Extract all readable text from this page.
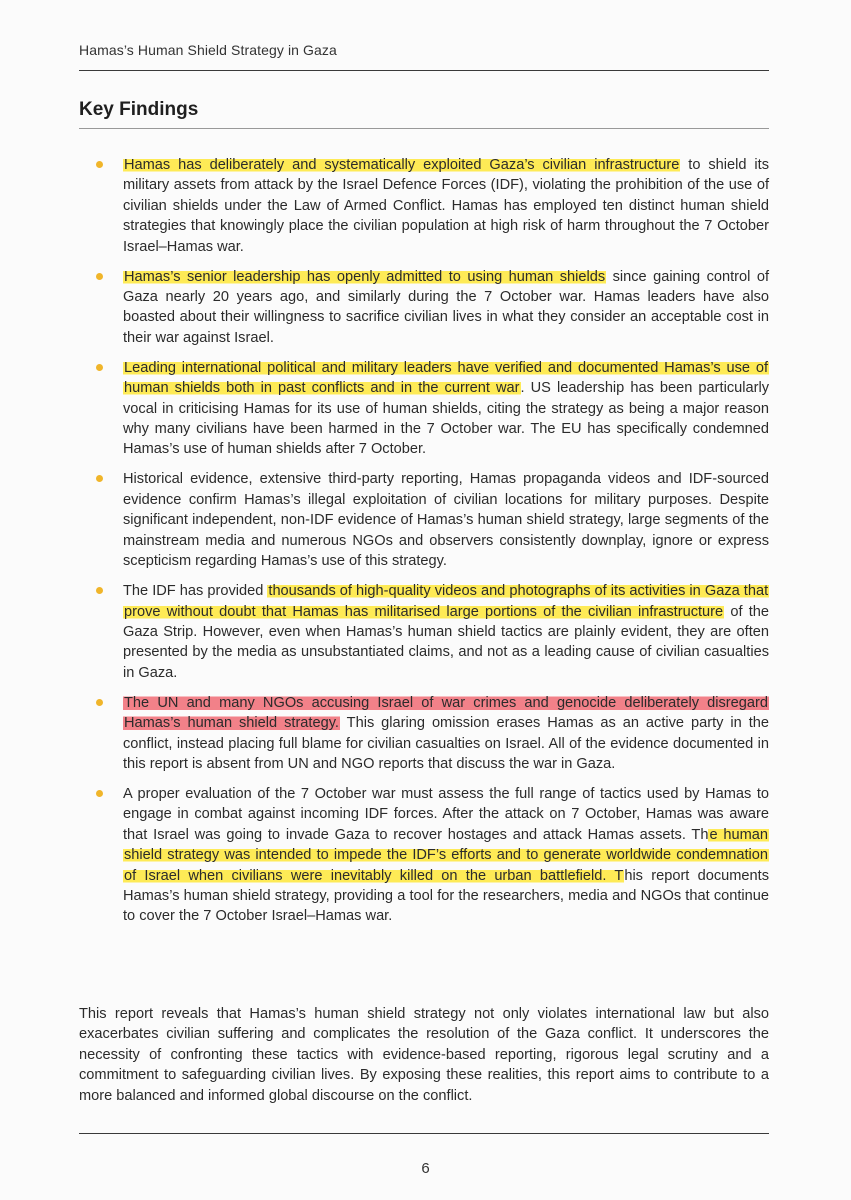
Hamas’s Human Shield Strategy in Gaza
Key Findings
Hamas has deliberately and systematically exploited Gaza’s civilian infrastructure to shield its military assets from attack by the Israel Defence Forces (IDF), violating the prohibition of the use of civilian shields under the Law of Armed Conflict. Hamas has employed ten distinct human shield strategies that knowingly place the civilian population at high risk of harm throughout the 7 October Israel–Hamas war.
Hamas’s senior leadership has openly admitted to using human shields since gaining control of Gaza nearly 20 years ago, and similarly during the 7 October war. Hamas leaders have also boasted about their willingness to sacrifice civilian lives in what they consider an acceptable cost in their war against Israel.
Leading international political and military leaders have verified and documented Hamas’s use of human shields both in past conflicts and in the current war. US leadership has been particularly vocal in criticising Hamas for its use of human shields, citing the strategy as being a major reason why many civilians have been harmed in the 7 October war. The EU has specifically condemned Hamas’s use of human shields after 7 October.
Historical evidence, extensive third-party reporting, Hamas propaganda videos and IDF-sourced evidence confirm Hamas’s illegal exploitation of civilian locations for military purposes. Despite significant independent, non-IDF evidence of Hamas’s human shield strategy, large segments of the mainstream media and numerous NGOs and observers consistently downplay, ignore or express scepticism regarding Hamas’s use of this strategy.
The IDF has provided thousands of high-quality videos and photographs of its activities in Gaza that prove without doubt that Hamas has militarised large portions of the civilian infrastructure of the Gaza Strip. However, even when Hamas’s human shield tactics are plainly evident, they are often presented by the media as unsubstantiated claims, and not as a leading cause of civilian casualties in Gaza.
The UN and many NGOs accusing Israel of war crimes and genocide deliberately disregard Hamas’s human shield strategy. This glaring omission erases Hamas as an active party in the conflict, instead placing full blame for civilian casualties on Israel. All of the evidence documented in this report is absent from UN and NGO reports that discuss the war in Gaza.
A proper evaluation of the 7 October war must assess the full range of tactics used by Hamas to engage in combat against incoming IDF forces. After the attack on 7 October, Hamas was aware that Israel was going to invade Gaza to recover hostages and attack Hamas assets. The human shield strategy was intended to impede the IDF’s efforts and to generate worldwide condemnation of Israel when civilians were inevitably killed on the urban battlefield. This report documents Hamas’s human shield strategy, providing a tool for the researchers, media and NGOs that continue to cover the 7 October Israel–Hamas war.

This report reveals that Hamas’s human shield strategy not only violates international law but also exacerbates civilian suffering and complicates the resolution of the Gaza conflict. It underscores the necessity of confronting these tactics with evidence-based reporting, rigorous legal scrutiny and a commitment to safeguarding civilian lives. By exposing these realities, this report aims to contribute to a more balanced and informed global discourse on the conflict.

6
